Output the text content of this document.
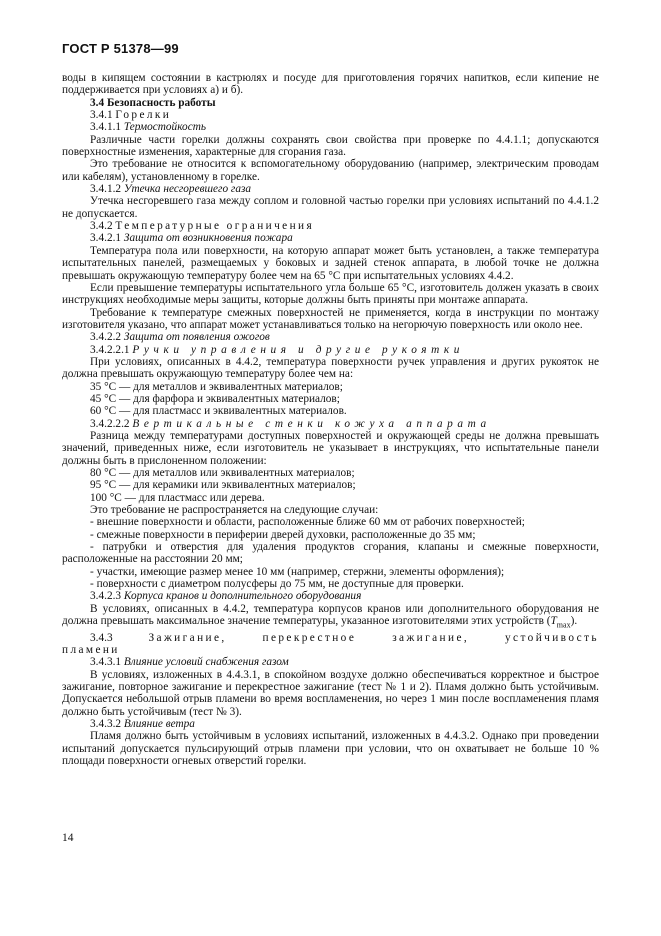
ГОСТ Р 51378—99

воды в кипящем состоянии в кастрюлях и посуде для приготовления горячих напитков, если кипение не поддерживается при условиях а) и б).

3.4 Безопасность работы

3.4.1 Горелки

3.4.1.1 Термостойкость

Различные части горелки должны сохранять свои свойства при проверке по 4.4.1.1; допускаются поверхностные изменения, характерные для сгорания газа.

Это требование не относится к вспомогательному оборудованию (например, электрическим проводам или кабелям), установленному в горелке.

3.4.1.2 Утечка несгоревшего газа

Утечка несгоревшего газа между соплом и головной частью горелки при условиях испытаний по 4.4.1.2 не допускается.

3.4.2 Температурные ограничения

3.4.2.1 Защита от возникновения пожара

Температура пола или поверхности, на которую аппарат может быть установлен, а также температура испытательных панелей, размещаемых у боковых и задней стенок аппарата, в любой точке не должна превышать окружающую температуру более чем на 65 °С при испытательных условиях 4.4.2.

Если превышение температуры испытательного угла больше 65 °С, изготовитель должен указать в своих инструкциях необходимые меры защиты, которые должны быть приняты при монтаже аппарата.

Требование к температуре смежных поверхностей не применяется, когда в инструкции по монтажу изготовителя указано, что аппарат может устанавливаться только на негорючую поверхность или около нее.

3.4.2.2 Защита от появления ожогов

3.4.2.2.1 Ручки управления и другие рукоятки

При условиях, описанных в 4.4.2, температура поверхности ручек управления и других рукояток не должна превышать окружающую температуру более чем на:

35 °С — для металлов и эквивалентных материалов;

45 °С — для фарфора и эквивалентных материалов;

60 °С — для пластмасс и эквивалентных материалов.

3.4.2.2.2 Вертикальные стенки кожуха аппарата

Разница между температурами доступных поверхностей и окружающей среды не должна превышать значений, приведенных ниже, если изготовитель не указывает в инструкциях, что испытательные панели должны быть в прислоненном положении:

80 °С — для металлов или эквивалентных материалов;

95 °С — для керамики или эквивалентных материалов;

100 °С — для пластмасс или дерева.

Это требование не распространяется на следующие случаи:

- внешние поверхности и области, расположенные ближе 60 мм от рабочих поверхностей;

- смежные поверхности в периферии дверей духовки, расположенные до 35 мм;

- патрубки и отверстия для удаления продуктов сгорания, клапаны и смежные поверхности, расположенные на расстоянии 20 мм;

- участки, имеющие размер менее 10 мм (например, стержни, элементы оформления);

- поверхности с диаметром полусферы до 75 мм, не доступные для проверки.

3.4.2.3 Корпуса кранов и дополнительного оборудования

В условиях, описанных в 4.4.2, температура корпусов кранов или дополнительного оборудования не должна превышать максимальное значение температуры, указанное изготовителями этих устройств $(T_{max})$.

3.4.3	Зажигание,	перекрестное	зажигание,	устойчивость

пламени

3.4.3.1 Влияние условий снабжения газом

В условиях, изложенных в 4.4.3.1, в спокойном воздухе должно обеспечиваться корректное и быстрое зажигание, повторное зажигание и перекрестное зажигание (тест № 1 и 2). Пламя должно быть устойчивым. Допускается небольшой отрыв пламени во время воспламенения, но через 1 мин после воспламенения пламя должно быть устойчивым (тест № 3).

3.4.3.2 Влияние ветра

Пламя должно быть устойчивым в условиях испытаний, изложенных в 4.4.3.2. Однако при проведении испытаний допускается пульсирующий отрыв пламени при условии, что он охватывает не больше 10 % площади поверхности огневых отверстий горелки.

14
